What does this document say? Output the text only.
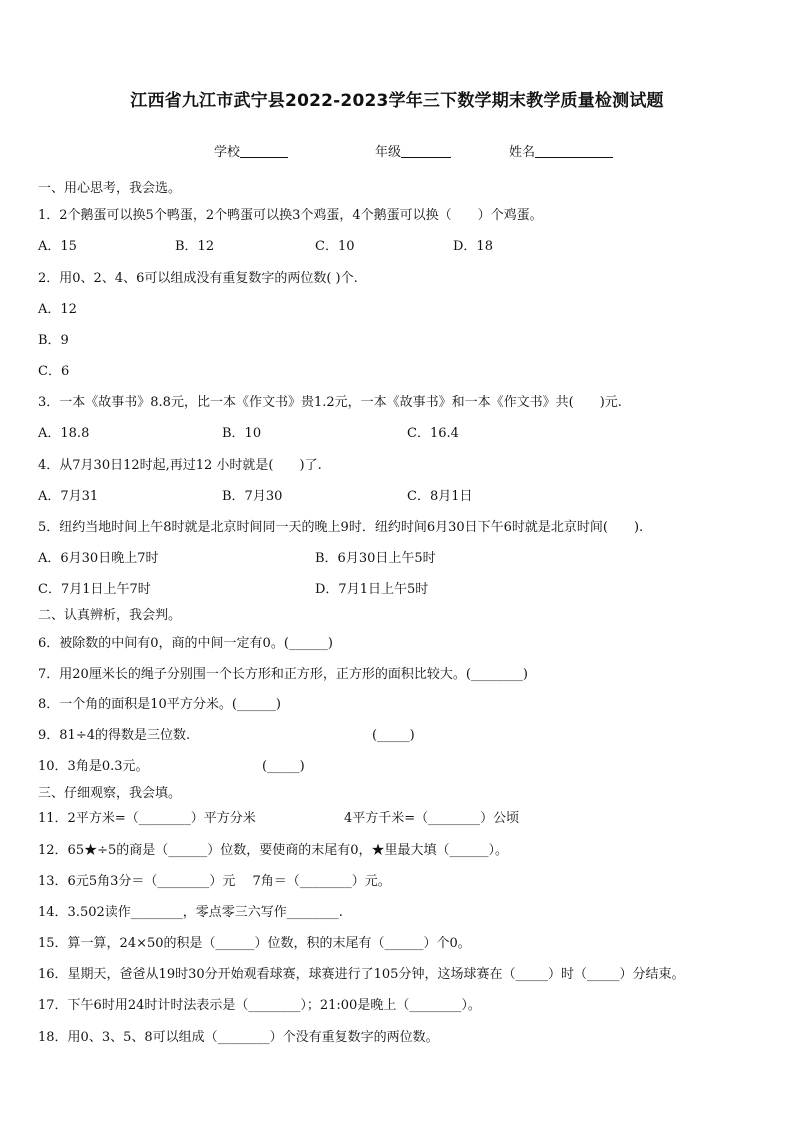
江西省九江市武宁县2022-2023学年三下数学期末教学质量检测试题
学校	年级	姓名
一、用心思考，我会选。
1．2个鹅蛋可以换5个鸭蛋，2个鸭蛋可以换3个鸡蛋，4个鹅蛋可以换（　　）个鸡蛋。
A．15	B．12	C．10	D．18
2．用0、2、4、6可以组成没有重复数字的两位数( )个.
A．12
B．9
C．6
3．一本《故事书》8.8元，比一本《作文书》贵1.2元，一本《故事书》和一本《作文书》共(　　)元.
A．18.8	B．10	C．16.4
4．从7月30日12时起,再过12 小时就是(　　)了.
A．7月31	B．7月30	C．8月1日
5．纽约当地时间上午8时就是北京时间同一天的晚上9时．纽约时间6月30日下午6时就是北京时间(　　).
A．6月30日晚上7时	B．6月30日上午5时
C．7月1日上午7时	D．7月1日上午5时
二、认真辨析，我会判。
6．被除数的中间有0，商的中间一定有0。(______)
7．用20厘米长的绳子分别围一个长方形和正方形，正方形的面积比较大。(________)
8．一个角的面积是10平方分米。(______)
9．81÷4的得数是三位数.	(_____)
10．3角是0.3元。	(_____)
三、仔细观察，我会填。
11．2平方米=（________）平方分米	4平方千米=（________）公顷
12．65★÷5的商是（______）位数，要使商的末尾有0，★里最大填（______）。
13．6元5角3分＝（________）元　 7角＝（________）元。
14．3.502读作________，零点零三六写作________.
15．算一算，24×50的积是（______）位数，积的末尾有（______）个0。
16．星期天，爸爸从19时30分开始观看球赛，球赛进行了105分钟，这场球赛在（_____）时（_____）分结束。
17．下午6时用24时计时法表示是（________）；21:00是晚上（________）。
18．用0、3、5、8可以组成（________）个没有重复数字的两位数。
